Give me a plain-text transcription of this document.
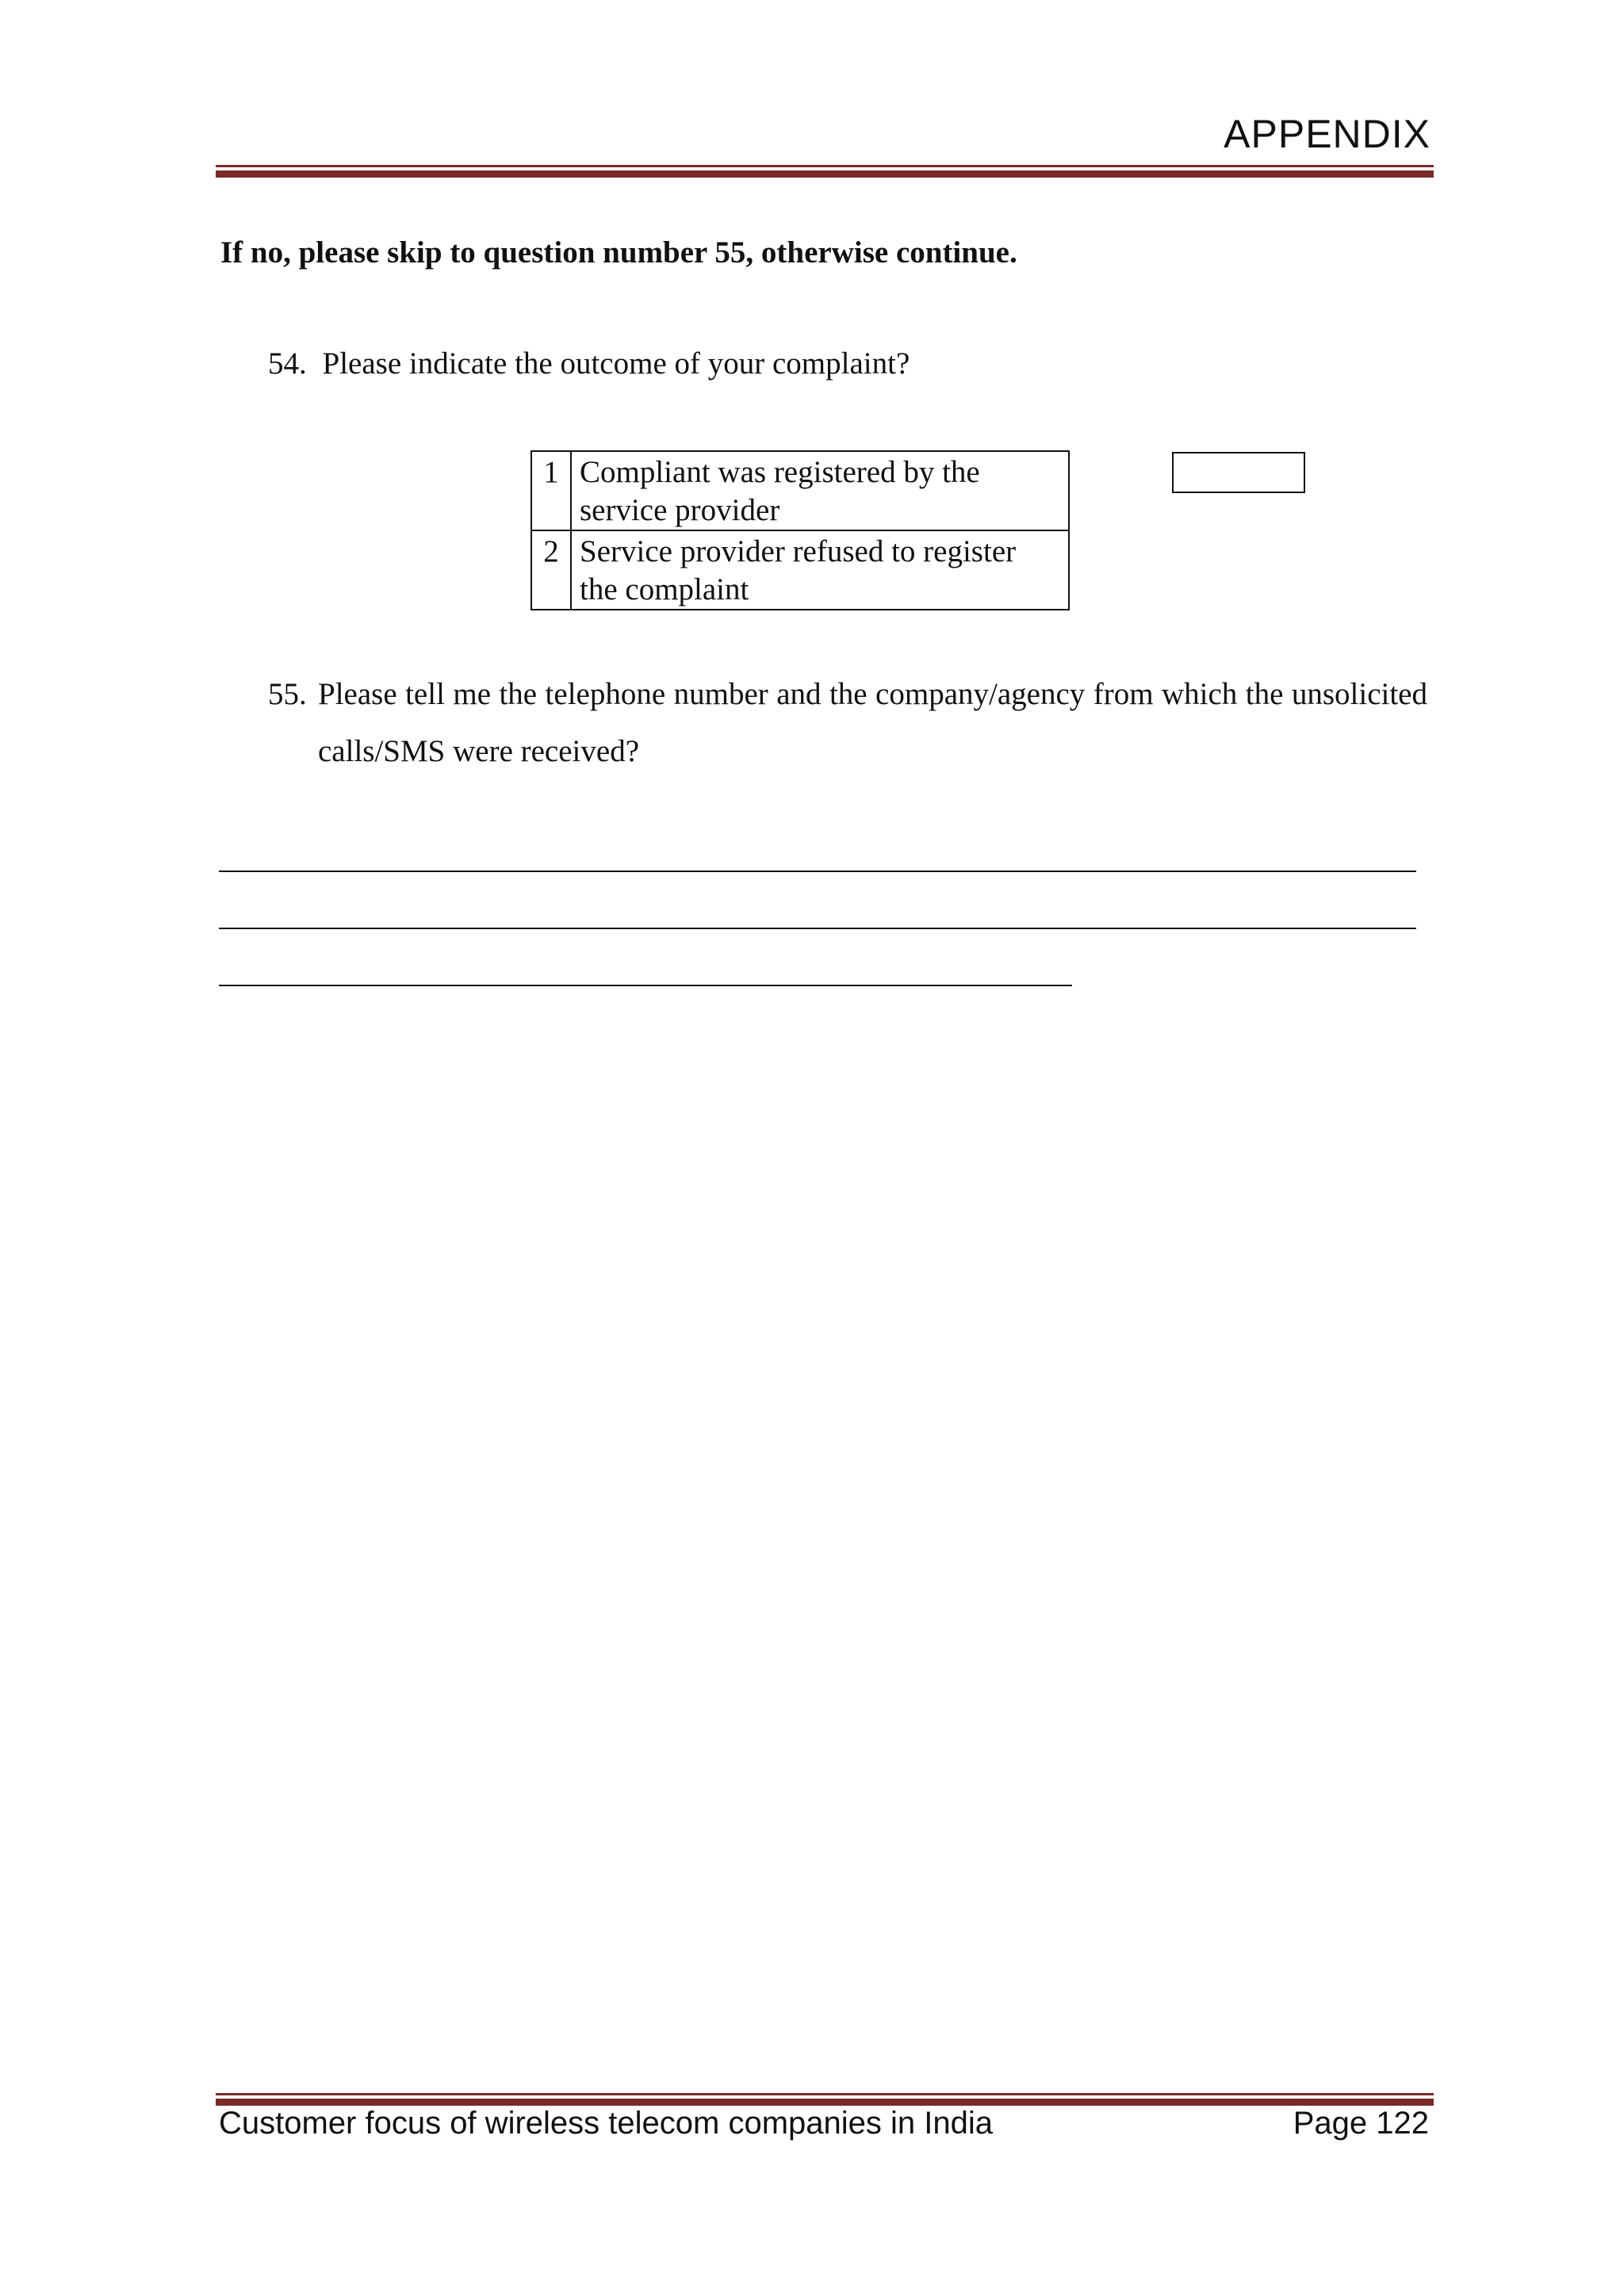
APPENDIX
If no, please skip to question number 55, otherwise continue.
54. Please indicate the outcome of your complaint?
1	Compliant was registered by the service provider
2	Service provider refused to register the complaint
55. Please tell me the telephone number and the company/agency from which the unsolicited calls/SMS were received?
Customer focus of wireless telecom companies in India	Page 122
